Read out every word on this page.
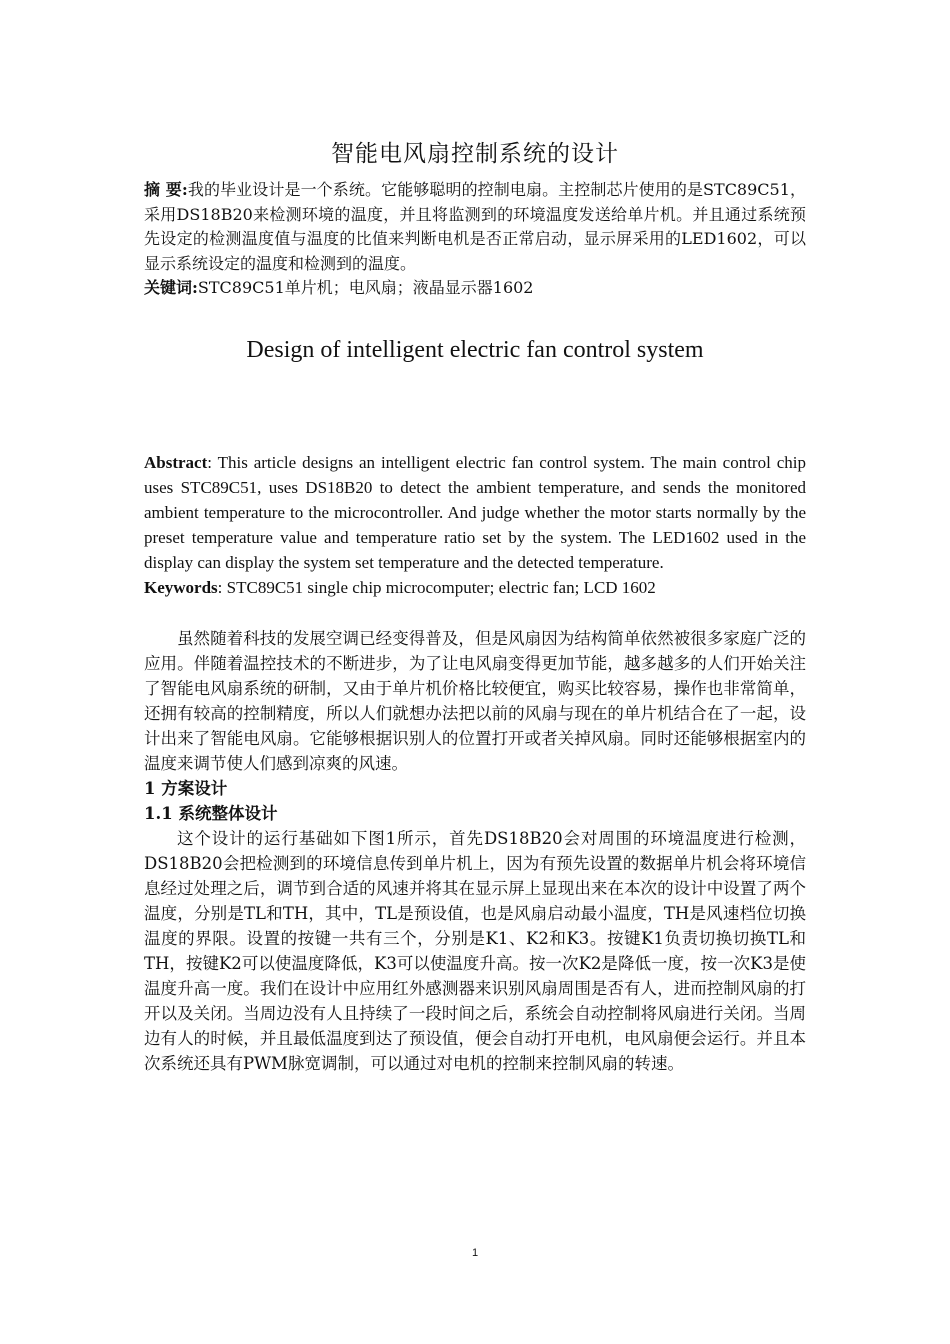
智能电风扇控制系统的设计

摘 要:我的毕业设计是一个系统。它能够聪明的控制电扇。主控制芯片使用的是STC89C51，采用DS18B20来检测环境的温度，并且将监测到的环境温度发送给单片机。并且通过系统预先设定的检测温度值与温度的比值来判断电机是否正常启动，显示屏采用的LED1602，可以显示系统设定的温度和检测到的温度。

关键词:STC89C51单片机；电风扇；液晶显示器1602

Design of intelligent electric fan control system

Abstract: This article designs an intelligent electric fan control system. The main control chip uses STC89C51, uses DS18B20 to detect the ambient temperature, and sends the monitored ambient temperature to the microcontroller. And judge whether the motor starts normally by the preset temperature value and temperature ratio set by the system. The LED1602 used in the display can display the system set temperature and the detected temperature.

Keywords: STC89C51 single chip microcomputer; electric fan; LCD 1602

虽然随着科技的发展空调已经变得普及，但是风扇因为结构简单依然被很多家庭广泛的应用。伴随着温控技术的不断进步，为了让电风扇变得更加节能，越多越多的人们开始关注了智能电风扇系统的研制，又由于单片机价格比较便宜，购买比较容易，操作也非常简单，还拥有较高的控制精度，所以人们就想办法把以前的风扇与现在的单片机结合在了一起，设计出来了智能电风扇。它能够根据识别人的位置打开或者关掉风扇。同时还能够根据室内的温度来调节使人们感到凉爽的风速。

1 方案设计

1.1 系统整体设计

这个设计的运行基础如下图1所示，首先DS18B20会对周围的环境温度进行检测，DS18B20会把检测到的环境信息传到单片机上，因为有预先设置的数据单片机会将环境信息经过处理之后，调节到合适的风速并将其在显示屏上显现出来在本次的设计中设置了两个温度，分别是TL和TH，其中，TL是预设值，也是风扇启动最小温度，TH是风速档位切换温度的界限。设置的按键一共有三个，分别是K1、K2和K3。按键K1负责切换切换TL和TH，按键K2可以使温度降低，K3可以使温度升高。按一次K2是降低一度，按一次K3是使温度升高一度。我们在设计中应用红外感测器来识别风扇周围是否有人，进而控制风扇的打开以及关闭。当周边没有人且持续了一段时间之后，系统会自动控制将风扇进行关闭。当周边有人的时候，并且最低温度到达了预设值，便会自动打开电机，电风扇便会运行。并且本次系统还具有PWM脉宽调制，可以通过对电机的控制来控制风扇的转速。

1
